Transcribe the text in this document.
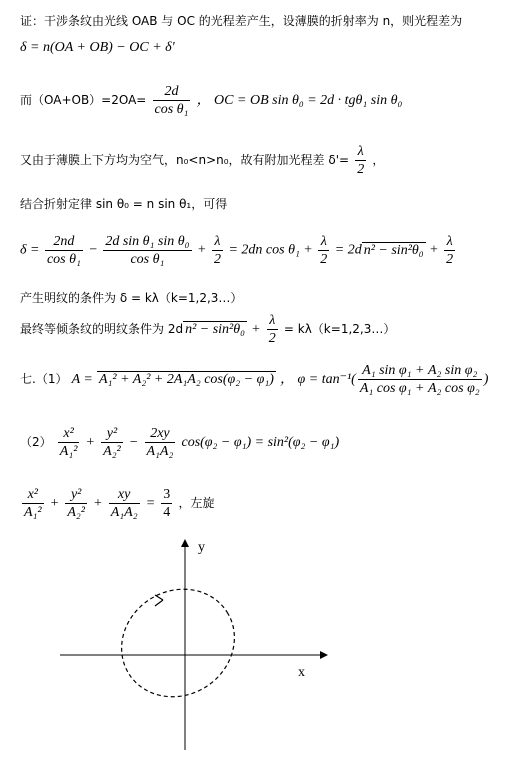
证：干涉条纹由光线 OAB 与 OC 的光程差产生，设薄膜的折射率为 n，则光程差为
δ = n(OA + OB) − OC + δ'
而$(OA+OB)=2OA= \frac{2d}{\text{cos θ₁}}$ ， OC = OB sin θ₀ = 2d · tgθ₁ sin θ₀
又由于薄膜上下方均为空气，n₀<n>n₀，故有附加光程差 $\delta'= \frac{\lambda}{2}$ ，
结合折射定律 sin θ₀ = n sin θ₁，可得
$\delta = \frac{2nd}{\text{cos θ₁}} - \frac{\text{2d sin θ₁ sin θ₀}}{\text{cos θ₁}} + \frac{\lambda}{2} = 2dn$ $\cos \theta_1 + \frac{\lambda}{2} = 2d$ $n^2 - \sin^2\theta_0 + \frac{\lambda}{2}$
产生明纹的条件为 δ = kλ（k=1,2,3…）
最终等倾条纹的明纹条件为 2d $n^2 - \sin^2\theta_0 + \frac{\lambda}{2}$ = kλ（k=1,2,3…）
七.（1） A = A₁² + A₂² + 2A₁A₂ cos(φ₂ − φ₁) ， $\varphi = \tan^{-1}( \frac{\text{A₁ sin φ₁ + A₂ sin φ₂}}{\text{A₁ cos φ₁ + A₂ cos φ₂}}$ )
$(2) \frac{\text{x²}}{\text{A₁²}} + \frac{\text{y²}}{\text{A₂²}} - \frac{2xy}{\text{A₁A₂}} \cos(\varphi_2 - \varphi_1) = \sin^2(\varphi_2 - \varphi_1)$
$\frac{\text{x²}}{\text{A₁²}} + \frac{\text{y²}}{\text{A₂²}} + \frac{xy}{\text{A₁A₂}} = \frac{3}{4}$ ，左旋
x
y
